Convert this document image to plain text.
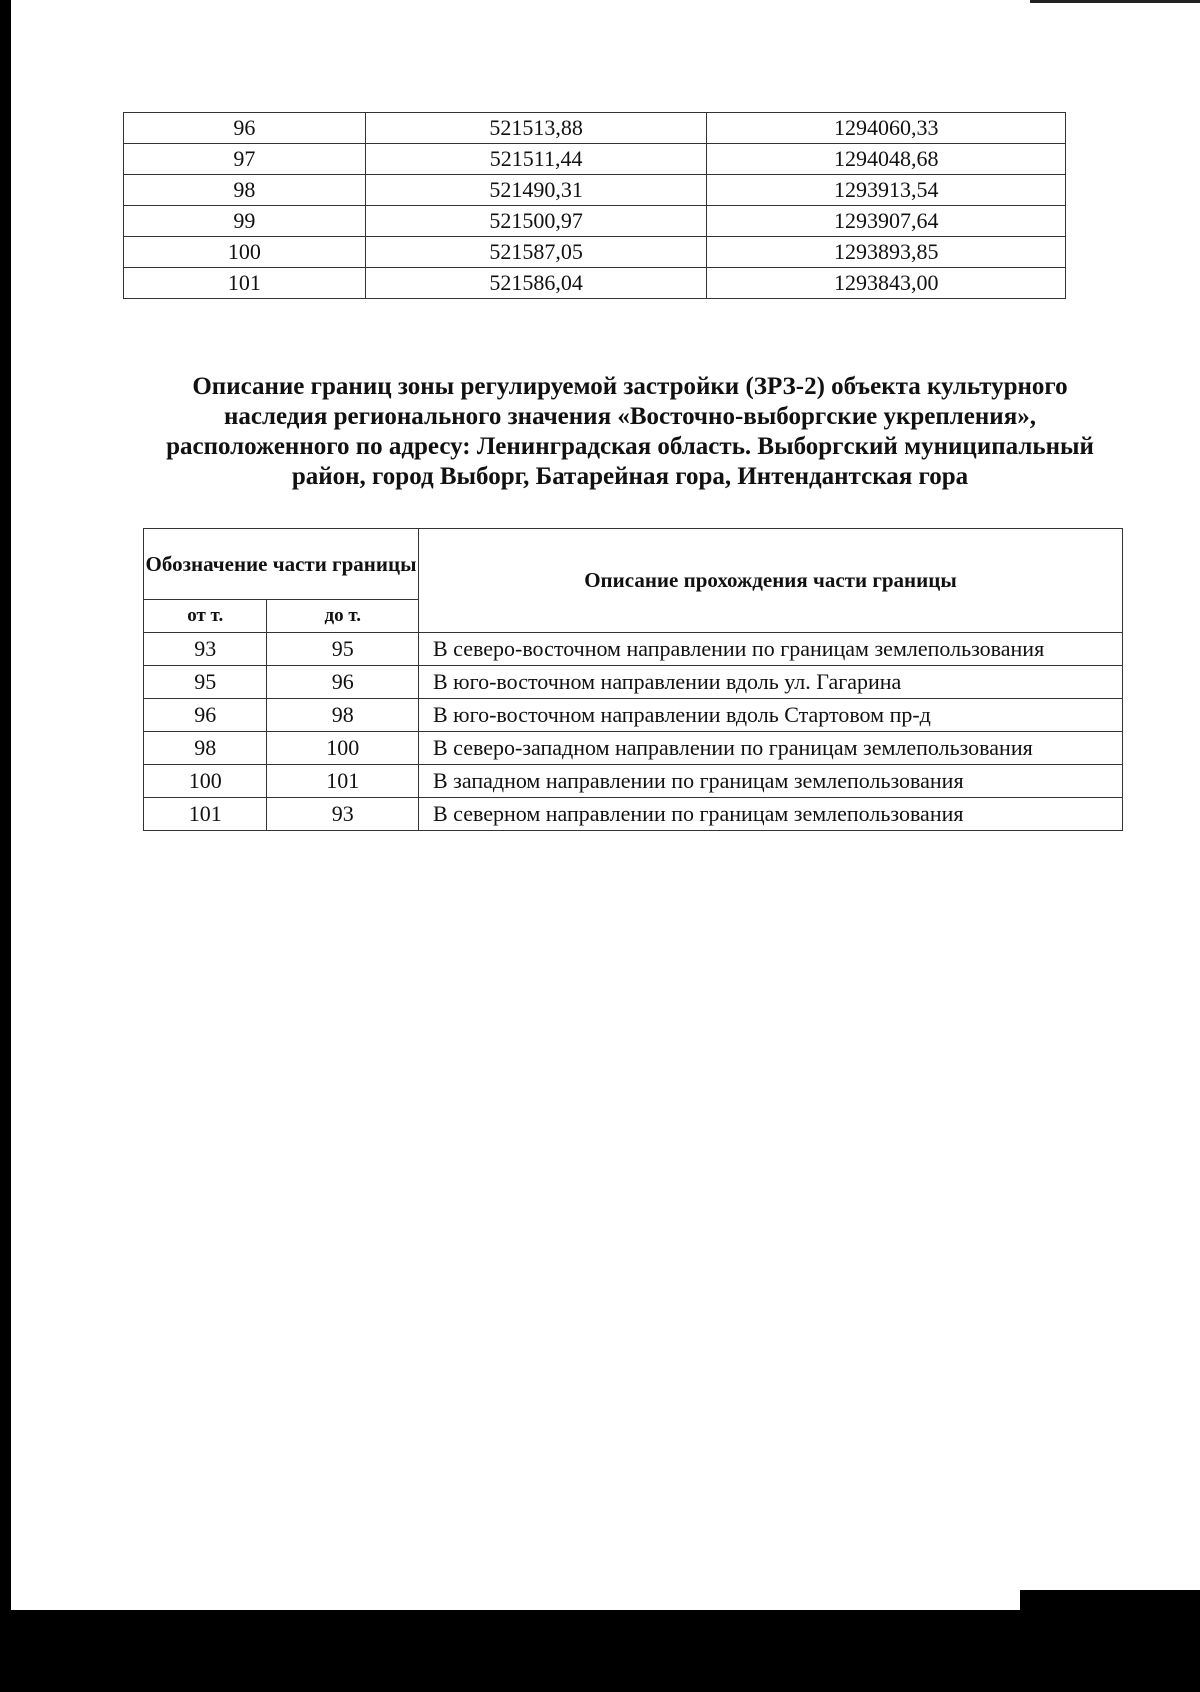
96	521513,88	1294060,33
97	521511,44	1294048,68
98	521490,31	1293913,54
99	521500,97	1293907,64
100	521587,05	1293893,85
101	521586,04	1293843,00
Описание границ зоны регулируемой застройки (ЗРЗ-2) объекта культурного
наследия регионального значения «Восточно-выборгские укрепления»,
расположенного по адресу: Ленинградская область. Выборгский муниципальный
район, город Выборг, Батарейная гора, Интендантская гора
Обозначение части границы		Описание прохождения части границы
от т.	до т.	
93	95	В северо-восточном направлении по границам землепользования
95	96	В юго-восточном направлении вдоль ул. Гагарина
96	98	В юго-восточном направлении вдоль Стартовом пр-д
98	100	В северо-западном направлении по границам землепользования
100	101	В западном направлении по границам землепользования
101	93	В северном направлении по границам землепользования
